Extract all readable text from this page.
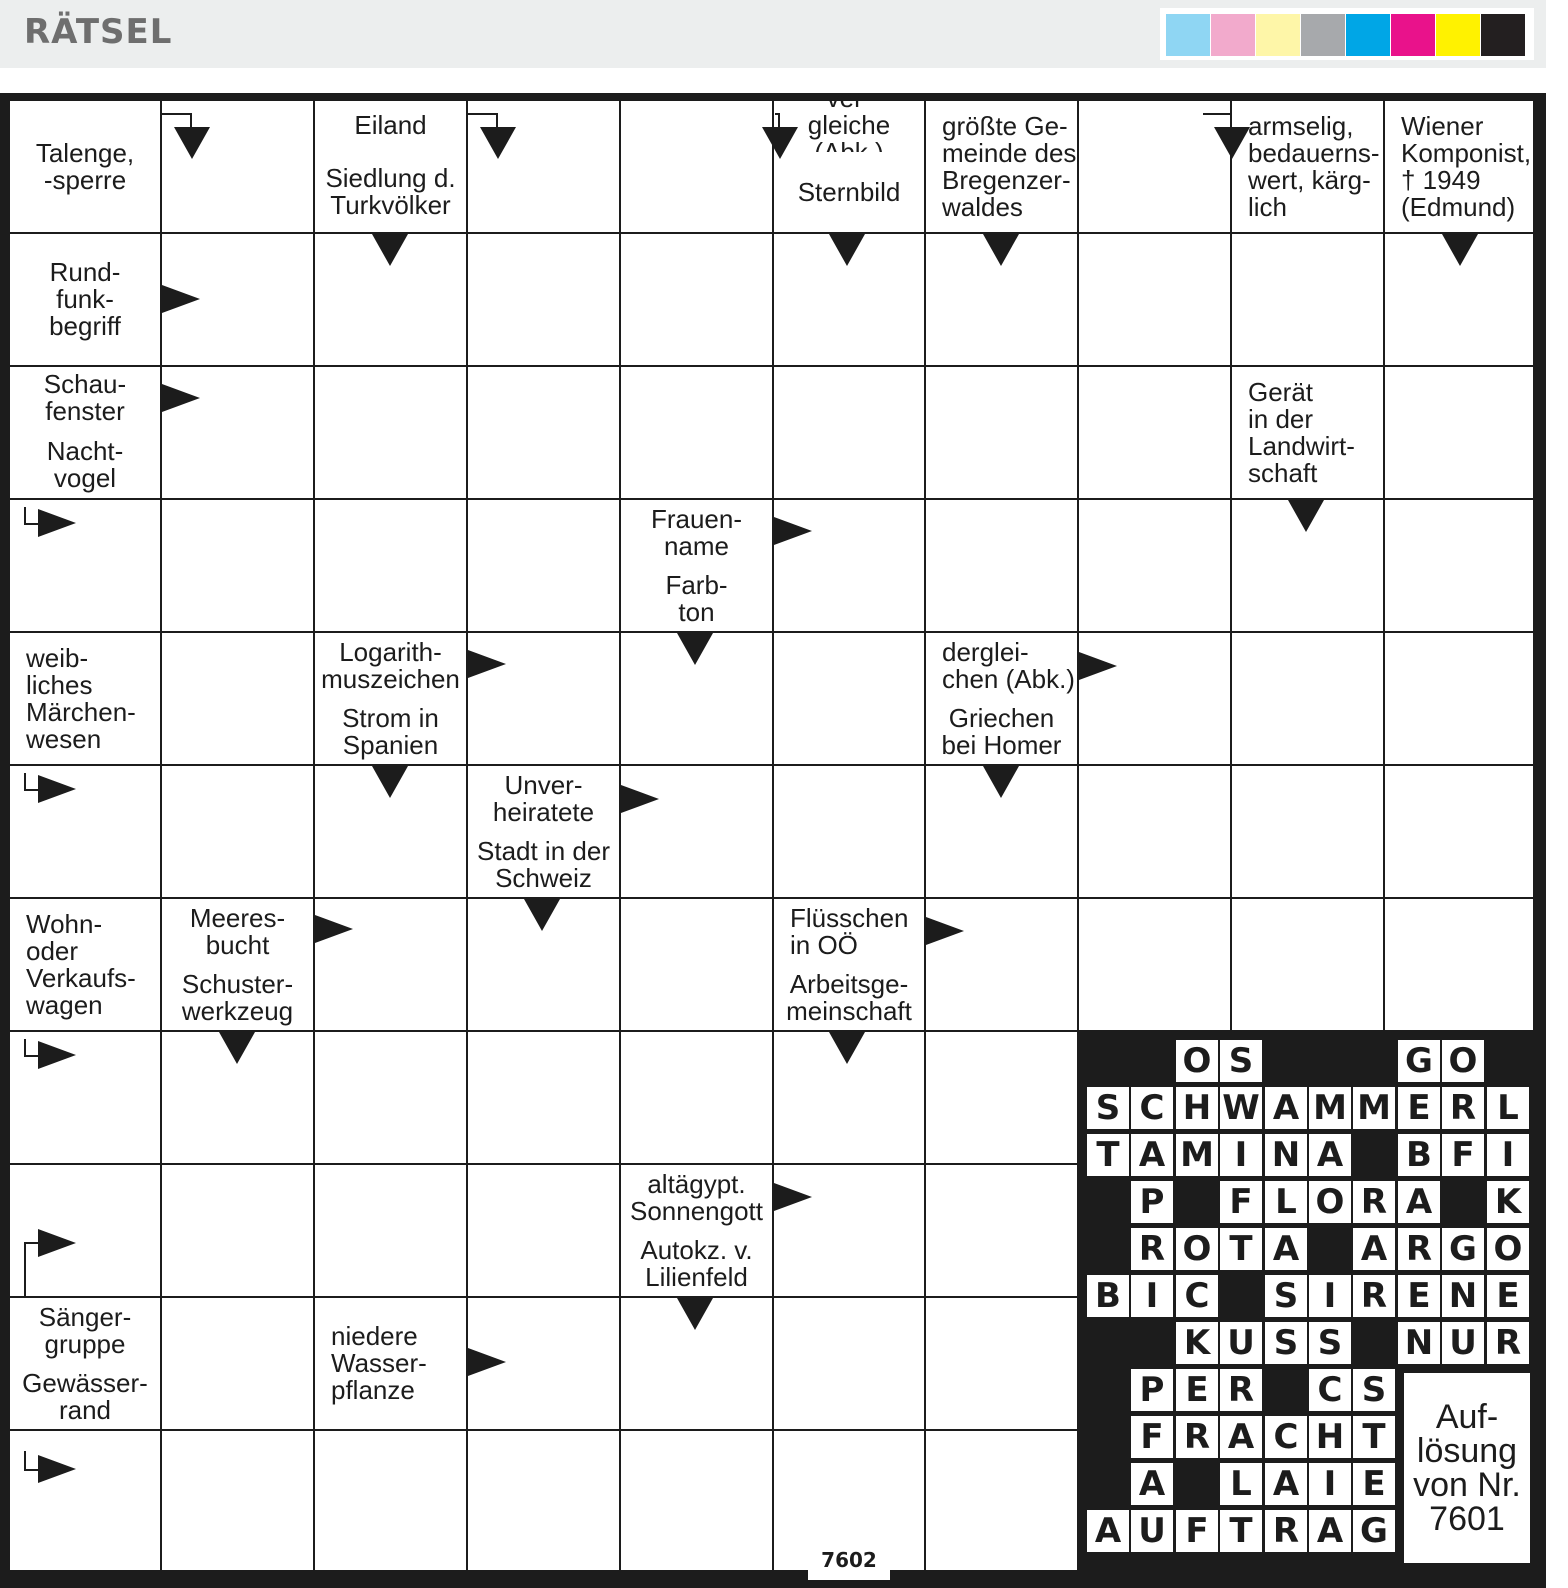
RÄTSEL
Talenge,
-sperre
Eiland
Siedlung d.
Turkvölker
ver-
gleiche
Sternbild
größte Ge-
meinde des
Bregenzer-
waldes
armselig,
bedauerns-
wert, kärg-
lich
Wiener
Komponist,
† 1949
(Edmund)
Rund-
funk-
begriff
Schau-
fenster
Nacht-
vogel
Gerät
in der
Landwirt-
schaft
Frauen-
name
Farb-
ton
weib-
liches
Märchen-
wesen
Logarith-
muszeichen
Strom in
Spanien
derglei-
chen (Abk.)
Griechen
bei Homer
Unver-
heiratete
Stadt in der
Schweiz
Wohn-
oder
Verkaufs-
wagen
Meeres-
bucht
Schuster-
werkzeug
Flüsschen
in OÖ
Arbeitsge-
meinschaft
altägypt.
Sonnengott
Autokz. v.
Lilienfeld
Sänger-
gruppe
Gewässer-
rand
niedere
Wasser-
pflanze
O S	G O
S C H W A M M E R L
T A M I N A B F I
P F L O R A K
R O T A A R G O
B I C S I R E N E
K U S S N U R
P E R C S
F R A C H T
A L A I E
A U F T R A G
Auf-
lösung
von Nr.
7601
7602
